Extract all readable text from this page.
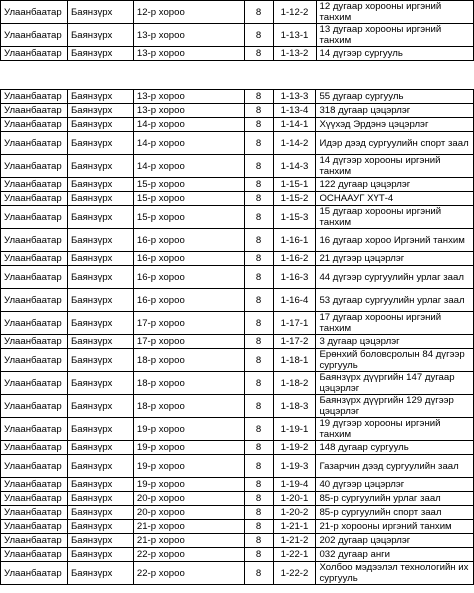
Улаанбаатар	Баянзүрх	12-р хороо	8	1-12-2	12 дугаар хорооны иргэний танхим
Улаанбаатар	Баянзүрх	13-р хороо	8	1-13-1	13 дугаар хорооны иргэний танхим
Улаанбаатар	Баянзүрх	13-р хороо	8	1-13-2	14 дүгээр сургууль
Улаанбаатар	Баянзүрх	13-р хороо	8	1-13-3	55 дугаар сургууль
Улаанбаатар	Баянзүрх	13-р хороо	8	1-13-4	318 дугаар цэцэрлэг
Улаанбаатар	Баянзүрх	14-р хороо	8	1-14-1	Хүүхэд Эрдэнэ цэцэрлэг
Улаанбаатар	Баянзүрх	14-р хороо	8	1-14-2	Идэр дээд сургуулийн спорт заал
Улаанбаатар	Баянзүрх	14-р хороо	8	1-14-3	14 дүгээр хорооны иргэний танхим
Улаанбаатар	Баянзүрх	15-р хороо	8	1-15-1	122 дугаар цэцэрлэг
Улаанбаатар	Баянзүрх	15-р хороо	8	1-15-2	ОСНААУГ ХҮТ-4
Улаанбаатар	Баянзүрх	15-р хороо	8	1-15-3	15 дугаар хорооны иргэний танхим
Улаанбаатар	Баянзүрх	16-р хороо	8	1-16-1	16 дугаар хороо Иргэний танхим
Улаанбаатар	Баянзүрх	16-р хороо	8	1-16-2	21 дүгээр цэцэрлэг
Улаанбаатар	Баянзүрх	16-р хороо	8	1-16-3	44 дүгээр сургуулийн урлаг заал
Улаанбаатар	Баянзүрх	16-р хороо	8	1-16-4	53 дугаар сургуулийн урлаг заал
Улаанбаатар	Баянзүрх	17-р хороо	8	1-17-1	17 дугаар хорооны иргэний танхим
Улаанбаатар	Баянзүрх	17-р хороо	8	1-17-2	3 дугаар цэцэрлэг
Улаанбаатар	Баянзүрх	18-р хороо	8	1-18-1	Ерөнхий боловсролын 84 дүгээр сургууль
Улаанбаатар	Баянзүрх	18-р хороо	8	1-18-2	Баянзүрх дүүргийн 147 дугаар цэцэрлэг
Улаанбаатар	Баянзүрх	18-р хороо	8	1-18-3	Баянзүрх дүүргийн 129 дүгээр цэцэрлэг
Улаанбаатар	Баянзүрх	19-р хороо	8	1-19-1	19 дүгээр хорооны иргэний танхим
Улаанбаатар	Баянзүрх	19-р хороо	8	1-19-2	148 дугаар сургууль
Улаанбаатар	Баянзүрх	19-р хороо	8	1-19-3	Газарчин дээд сургуулийн заал
Улаанбаатар	Баянзүрх	19-р хороо	8	1-19-4	40 дүгээр цэцэрлэг
Улаанбаатар	Баянзүрх	20-р хороо	8	1-20-1	85-р сургуулийн урлаг заал
Улаанбаатар	Баянзүрх	20-р хороо	8	1-20-2	85-р сургуулийн спорт заал
Улаанбаатар	Баянзүрх	21-р хороо	8	1-21-1	21-р хорооны иргэний танхим
Улаанбаатар	Баянзүрх	21-р хороо	8	1-21-2	202 дугаар цэцэрлэг
Улаанбаатар	Баянзүрх	22-р хороо	8	1-22-1	032 дугаар анги
Улаанбаатар	Баянзүрх	22-р хороо	8	1-22-2	Холбоо мэдээлэл технологийн их сургууль
